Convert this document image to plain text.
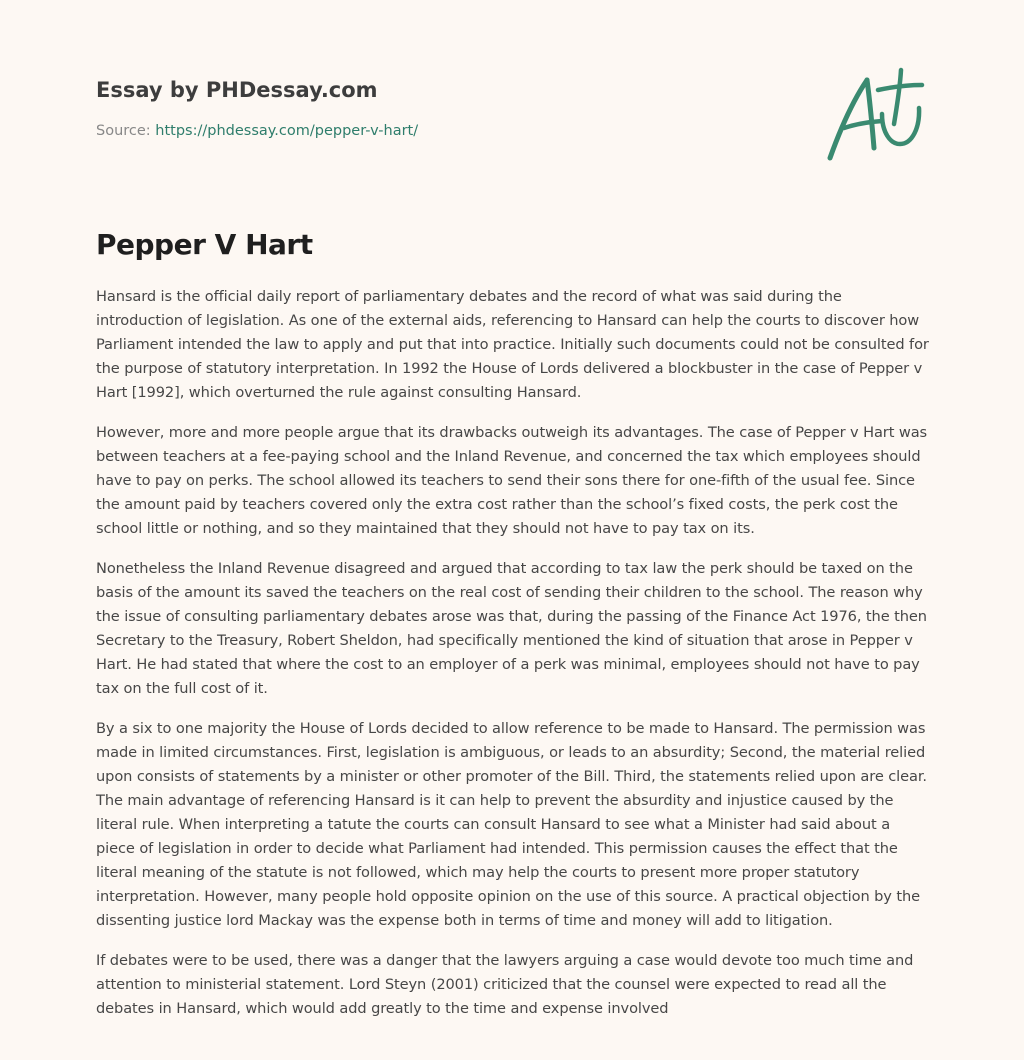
Essay by PHDessay.com
Source: https://phdessay.com/pepper-v-hart/
Pepper V Hart

Hansard is the official daily report of parliamentary debates and the record of what was said during the introduction of legislation. As one of the external aids, referencing to Hansard can help the courts to discover how Parliament intended the law to apply and put that into practice. Initially such documents could not be consulted for the purpose of statutory interpretation. In 1992 the House of Lords delivered a blockbuster in the case of Pepper v Hart [1992], which overturned the rule against consulting Hansard.

However, more and more people argue that its drawbacks outweigh its advantages. The case of Pepper v Hart was between teachers at a fee-paying school and the Inland Revenue, and concerned the tax which employees should have to pay on perks. The school allowed its teachers to send their sons there for one-fifth of the usual fee. Since the amount paid by teachers covered only the extra cost rather than the school’s fixed costs, the perk cost the school little or nothing, and so they maintained that they should not have to pay tax on its.

Nonetheless the Inland Revenue disagreed and argued that according to tax law the perk should be taxed on the basis of the amount its saved the teachers on the real cost of sending their children to the school. The reason why the issue of consulting parliamentary debates arose was that, during the passing of the Finance Act 1976, the then Secretary to the Treasury, Robert Sheldon, had specifically mentioned the kind of situation that arose in Pepper v Hart. He had stated that where the cost to an employer of a perk was minimal, employees should not have to pay tax on the full cost of it.

By a six to one majority the House of Lords decided to allow reference to be made to Hansard. The permission was made in limited circumstances. First, legislation is ambiguous, or leads to an absurdity; Second, the material relied upon consists of statements by a minister or other promoter of the Bill. Third, the statements relied upon are clear. The main advantage of referencing Hansard is it can help to prevent the absurdity and injustice caused by the literal rule. When interpreting a tatute the courts can consult Hansard to see what a Minister had said about a piece of legislation in order to decide what Parliament had intended. This permission causes the effect that the literal meaning of the statute is not followed, which may help the courts to present more proper statutory interpretation. However, many people hold opposite opinion on the use of this source. A practical objection by the dissenting justice lord Mackay was the expense both in terms of time and money will add to litigation.

If debates were to be used, there was a danger that the lawyers arguing a case would devote too much time and attention to ministerial statement. Lord Steyn (2001) criticized that the counsel were expected to read all the debates in Hansard, which would add greatly to the time and expense involved
